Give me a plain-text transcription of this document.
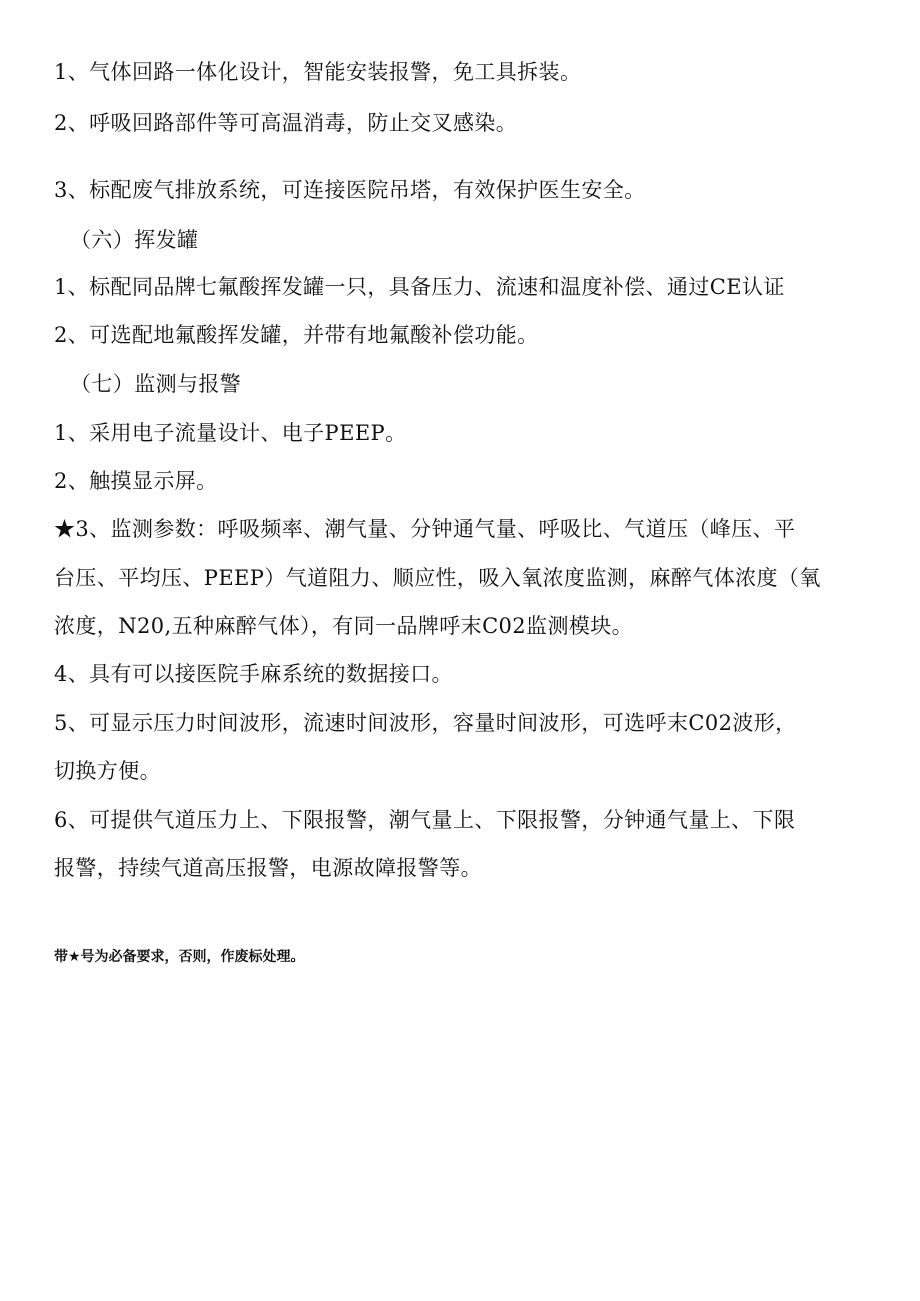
1、气体回路一体化设计，智能安装报警，免工具拆装。
2、呼吸回路部件等可高温消毒，防止交叉感染。
3、标配废气排放系统，可连接医院吊塔，有效保护医生安全。
（六）挥发罐
1、标配同品牌七氟酸挥发罐一只，具备压力、流速和温度补偿、通过CE认证
2、可选配地氟酸挥发罐，并带有地氟酸补偿功能。
（七）监测与报警
1、采用电子流量设计、电子PEEP。
2、触摸显示屏。
★3、监测参数：呼吸频率、潮气量、分钟通气量、呼吸比、气道压（峰压、平
台压、平均压、PEEP）气道阻力、顺应性，吸入氧浓度监测，麻醉气体浓度（氧
浓度，N20,五种麻醉气体），有同一品牌呼末C02监测模块。
4、具有可以接医院手麻系统的数据接口。
5、可显示压力时间波形，流速时间波形，容量时间波形，可选呼末C02波形，
切换方便。
6、可提供气道压力上、下限报警，潮气量上、下限报警，分钟通气量上、下限
报警，持续气道高压报警，电源故障报警等。
带★号为必备要求，否则，作废标处理。
